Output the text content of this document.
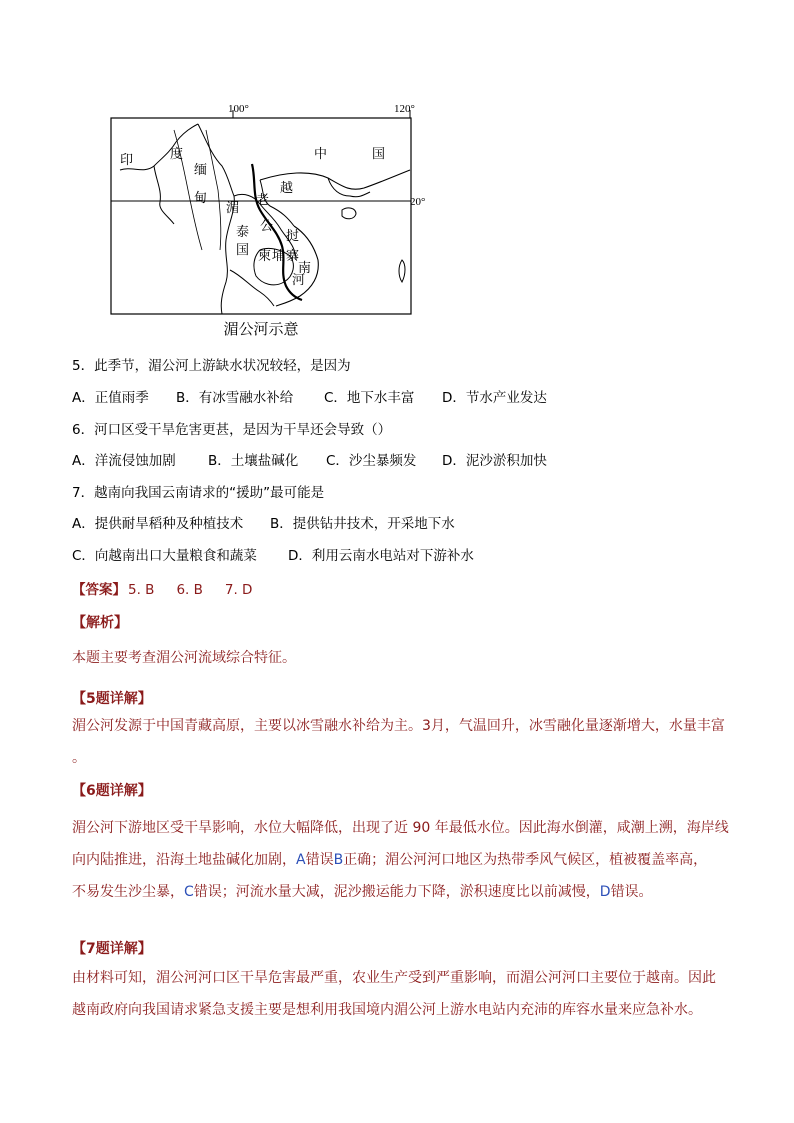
100°	120°
20°
印	度
缅
甸
中	国
老
越
湄
公
河
泰
国
挝
柬 埔 寨
南
湄公河示意
5．此季节，湄公河上游缺水状况较轻，是因为
A．正值雨季 B．有冰雪融水补给 C．地下水丰富 D．节水产业发达
6．河口区受干旱危害更甚，是因为干旱还会导致（）
A．洋流侵蚀加剧 B．土壤盐碱化 C．沙尘暴频发 D．泥沙淤积加快
7．越南向我国云南请求的“援助”最可能是
A．提供耐旱稻种及种植技术 B．提供钻井技术，开采地下水
C．向越南出口大量粮食和蔬菜 D．利用云南水电站对下游补水
【答案】 5. B 6. B 7. D
【解析】
本题主要考查湄公河流域综合特征。
【5题详解】
湄公河发源于中国青藏高原，主要以冰雪融水补给为主。3月，气温回升，冰雪融化量逐渐增大，水量丰富
。
【6题详解】
湄公河下游地区受干旱影响，水位大幅降低，出现了近 90 年最低水位。因此海水倒灌，咸潮上溯，海岸线
向内陆推进，沿海土地盐碱化加剧，A错误B正确；湄公河河口地区为热带季风气候区，植被覆盖率高，
不易发生沙尘暴，C错误；河流水量大减，泥沙搬运能力下降，淤积速度比以前减慢，D错误。
【7题详解】
由材料可知，湄公河河口区干旱危害最严重，农业生产受到严重影响，而湄公河河口主要位于越南。因此
越南政府向我国请求紧急支援主要是想利用我国境内湄公河上游水电站内充沛的库容水量来应急补水。
